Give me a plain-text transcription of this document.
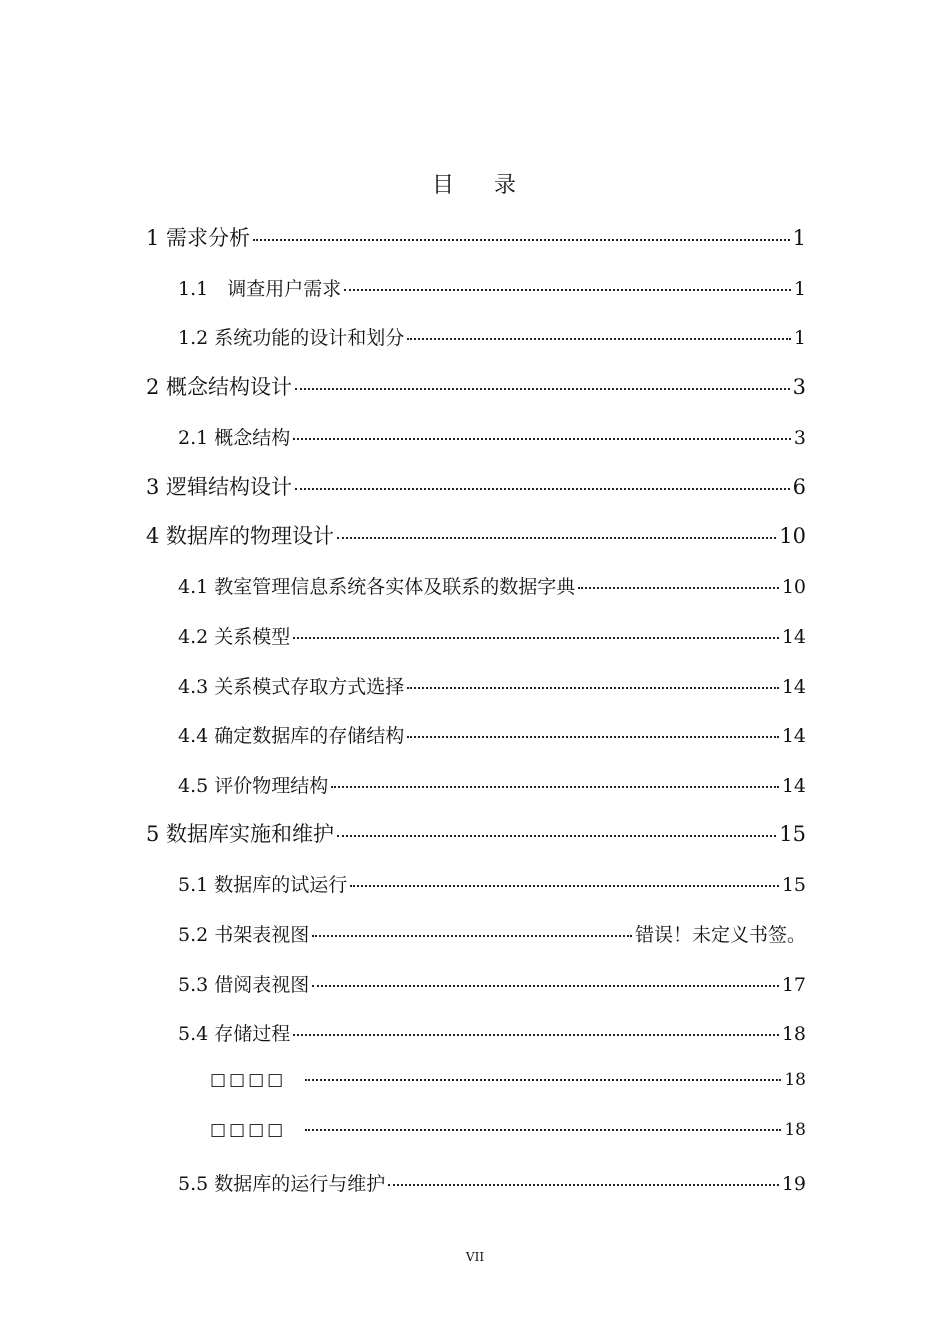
目 录
1 需求分析	1
1.1　调查用户需求	1
1.2 系统功能的设计和划分	1
2 概念结构设计	3
2.1 概念结构	3
3 逻辑结构设计	6
4 数据库的物理设计	10
4.1 教室管理信息系统各实体及联系的数据字典	10
4.2 关系模型	14
4.3 关系模式存取方式选择	14
4.4 确定数据库的存储结构	14
4.5 评价物理结构	14
5 数据库实施和维护	15
5.1 数据库的试运行	15
5.2 书架表视图	错误！未定义书签。
5.3 借阅表视图	17
5.4 存储过程	18
□□□□	18
□□□□	18
5.5 数据库的运行与维护	19
VII
